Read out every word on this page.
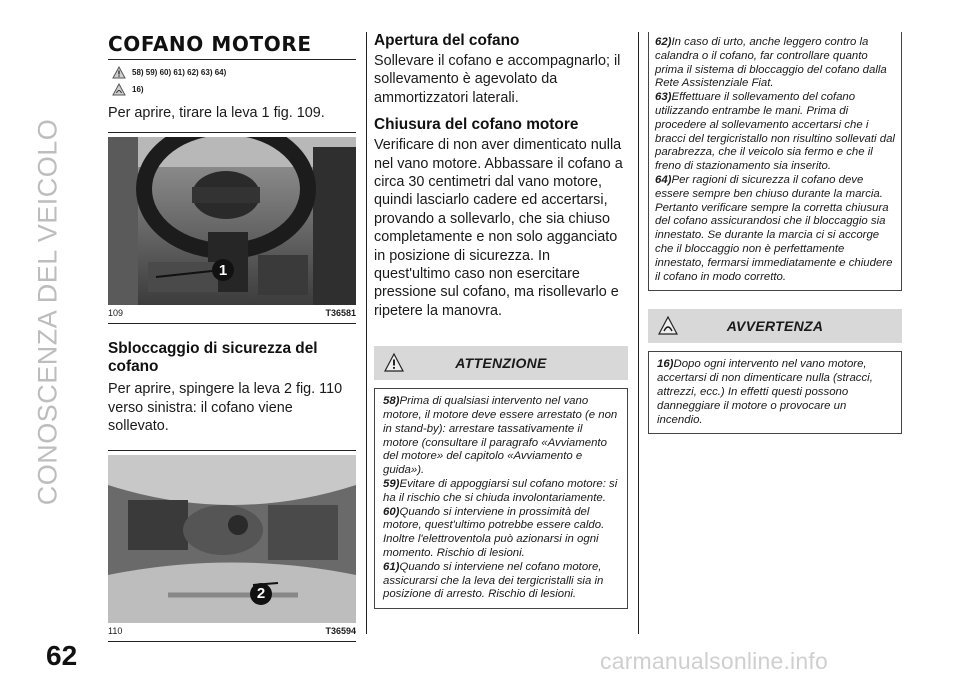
CONOSCENZA DEL VEICOLO
62	carmanualsonline.info
COFANO MOTORE
58) 59) 60) 61) 62) 63) 64)
16)

Per aprire, tirare la leva 1 fig. 109.

1
109	T36581
Sbloccaggio di sicurezza del cofano

Per aprire, spingere la leva 2 fig. 110 verso sinistra: il cofano viene sollevato.

2
110	T36594
Apertura del cofano

Sollevare il cofano e accompagnarlo; il sollevamento è agevolato da ammortizzatori laterali.

Chiusura del cofano motore

Verificare di non aver dimenticato nulla nel vano motore. Abbassare il cofano a circa 30 centimetri dal vano motore, quindi lasciarlo cadere ed accertarsi, provando a sollevarlo, che sia chiuso completamente e non solo agganciato in posizione di sicurezza. In quest'ultimo caso non esercitare pressione sul cofano, ma risollevarlo e ripetere la manovra.

ATTENZIONE
58)Prima di qualsiasi intervento nel vano motore, il motore deve essere arrestato (e non in stand-by): arrestare tassativamente il motore (consultare il paragrafo «Avviamento del motore» del capitolo «Avviamento e guida»).
59)Evitare di appoggiarsi sul cofano motore: si ha il rischio che si chiuda involontariamente.
60)Quando si interviene in prossimità del motore, quest'ultimo potrebbe essere caldo. Inoltre l'elettroventola può azionarsi in ogni momento. Rischio di lesioni.
61)Quando si interviene nel cofano motore, assicurarsi che la leva dei tergicristalli sia in posizione di arresto. Rischio di lesioni.
62)In caso di urto, anche leggero contro la calandra o il cofano, far controllare quanto prima il sistema di bloccaggio del cofano dalla Rete Assistenziale Fiat.
63)Effettuare il sollevamento del cofano utilizzando entrambe le mani. Prima di procedere al sollevamento accertarsi che i bracci del tergicristallo non risultino sollevati dal parabrezza, che il veicolo sia fermo e che il freno di stazionamento sia inserito.
64)Per ragioni di sicurezza il cofano deve essere sempre ben chiuso durante la marcia. Pertanto verificare sempre la corretta chiusura del cofano assicurandosi che il bloccaggio sia innestato. Se durante la marcia ci si accorge che il bloccaggio non è perfettamente innestato, fermarsi immediatamente e chiudere il cofano in modo corretto.
AVVERTENZA
16)Dopo ogni intervento nel vano motore, accertarsi di non dimenticare nulla (stracci, attrezzi, ecc.) In effetti questi possono danneggiare il motore o provocare un incendio.
